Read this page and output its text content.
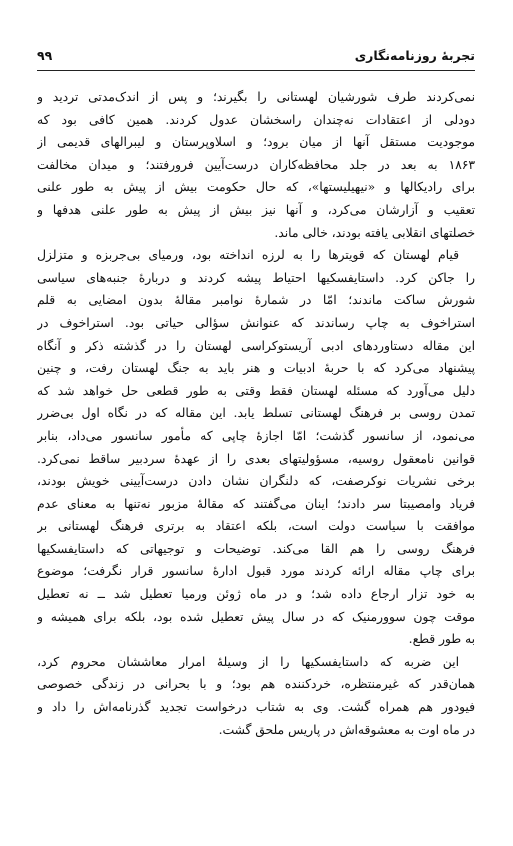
تجربهٔ روزنامه‌نگاری
۹۹
نمی‌کردند طرف شورشیان لهستانی را بگیرند؛ و پس از اندک‌مدتی تردید و
دودلی از اعتقادات نه‌چندان راسخشان عدول کردند. همین کافی بود که
موجودیت مستقل آنها از میان برود؛ و اسلاوپرستان و لیبرالهای قدیمی از
۱۸۶۳ به بعد در جلد محافظه‌کاران درست‌آیین فرورفتند؛ و میدان مخالفت
برای رادیکالها و «نیهیلیستها»، که حال حکومت بیش از پیش به طور علنی
تعقیب و آزارشان می‌کرد، و آنها نیز بیش از پیش به طور علنی هدفها و
خصلتهای انقلابی یافته بودند، خالی ماند.
قیام لهستان که قویترها را به لرزه انداخته بود، ورمیای بی‌جربزه و متزلزل
را جاکن کرد. داستایفسکیها احتیاط پیشه کردند و دربارهٔ جنبه‌های سیاسی
شورش ساکت ماندند؛ امّا در شمارهٔ نوامبر مقالهٔ بدون امضایی به قلم
استراخوف به چاپ رساندند که عنوانش سؤالی حیاتی بود. استراخوف در
این مقاله دستاوردهای ادبی آریستوکراسی لهستان را در گذشته ذکر و آنگاه
پیشنهاد می‌کرد که با حربهٔ ادبیات و هنر باید به جنگ لهستان رفت، و چنین
دلیل می‌آورد که مسئله لهستان فقط وقتی به طور قطعی حل خواهد شد که
تمدن روسی بر فرهنگ لهستانی تسلط یابد. این مقاله که در نگاه اول بی‌ضرر
می‌نمود، از سانسور گذشت؛ امّا اجازهٔ چاپی که مأمور سانسور می‌داد، بنابر
قوانین نامعقول روسیه، مسؤولیتهای بعدی را از عهدهٔ سردبیر ساقط نمی‌کرد.
برخی نشریات نوکرصفت، که دلنگران نشان دادن درست‌آیینی خویش بودند،
فریاد وامصیبتا سر دادند؛ اینان می‌گفتند که مقالهٔ مزبور نه‌تنها به معنای عدم
موافقت با سیاست دولت است، بلکه اعتقاد به برتری فرهنگ لهستانی بر
فرهنگ روسی را هم القا می‌کند. توضیحات و توجیهاتی که داستایفسکیها
برای چاپ مقاله ارائه کردند مورد قبول ادارهٔ سانسور قرار نگرفت؛ موضوع
به خود تزار ارجاع داده شد؛ و در ماه ژوئن ورمیا تعطیل شد ــ نه تعطیل
موقت چون سوورمنیک که در سال پیش تعطیل شده بود، بلکه برای همیشه و
به طور قطع.
این ضربه که داستایفسکیها را از وسیلهٔ امرار معاششان محروم کرد،
همان‌قدر که غیرمنتظره، خردکننده هم بود؛ و با بحرانی در زندگی خصوصی
فیودور هم همراه گشت. وی به شتاب درخواست تجدید گذرنامه‌اش را داد و
در ماه اوت به معشوقه‌اش در پاریس ملحق گشت.
